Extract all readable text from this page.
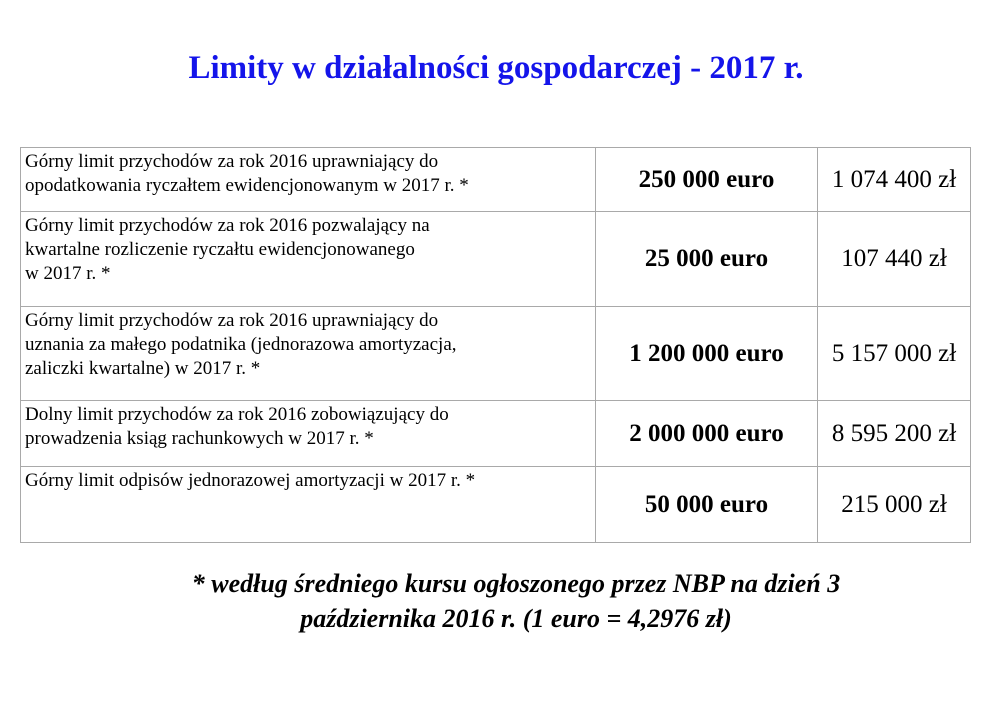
Limity w działalności gospodarczej - 2017 r.
Górny limit przychodów za rok 2016 uprawniający do
opodatkowania ryczałtem ewidencjonowanym w 2017 r. *	250 000 euro	1 074 400 zł
Górny limit przychodów za rok 2016 pozwalający na
kwartalne rozliczenie ryczałtu ewidencjonowanego
w 2017 r. *	25 000 euro	107 440 zł
Górny limit przychodów za rok 2016 uprawniający do
uznania za małego podatnika (jednorazowa amortyzacja,
zaliczki kwartalne) w 2017 r. *	1 200 000 euro	5 157 000 zł
Dolny limit przychodów za rok 2016 zobowiązujący do
prowadzenia ksiąg rachunkowych w 2017 r. *	2 000 000 euro	8 595 200 zł
Górny limit odpisów jednorazowej amortyzacji w 2017 r. *	50 000 euro	215 000 zł
* według średniego kursu ogłoszonego przez NBP na dzień 3
października 2016 r. (1 euro = 4,2976 zł)
